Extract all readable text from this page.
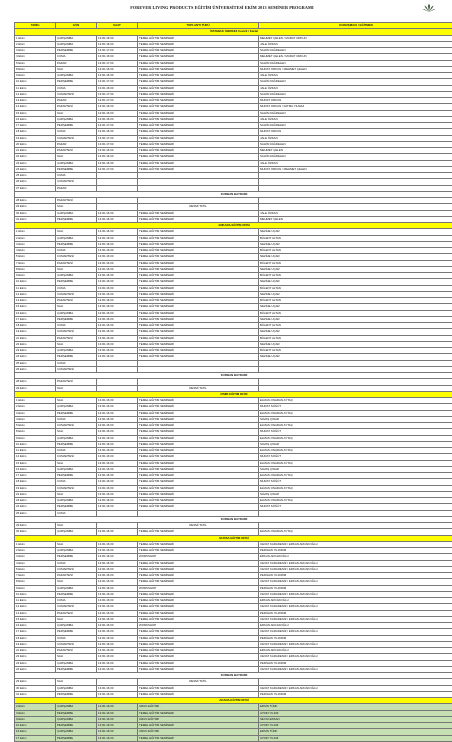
FOREVER LIVING PRODUCTS EĞİTİM ÜNİVERSİTESİ EKİM 2013 SEMİNER PROGRAMI
TARİH	GÜN	SAAT	TOPLANTI TÜRÜ	KONUŞMACI / EĞİTMEN
İSTANBUL MERKEZ Cevizli / Kartal				
1 Ekim	ÇARŞAMBA	13:00-16:00	TEMEL EĞİTİM SEMİNERİ	MEHMET ÇELEN / MURAT ORKUN
2 Ekim	ÇARŞAMBA	13:00-16:00	TEMEL EĞİTİM SEMİNERİ	JALE ÖZKAN
3 Ekim	PERŞEMBE	13:00-17:00	TEMEL EĞİTİM SEMİNERİ	SAHİN DAĞDELEN
4 Ekim	CUMA	13:00-16:00	TEMEL EĞİTİM SEMİNERİ	MEHMET ÇELEN / MURAT ORKUN
5 Ekim	PAZAR	13:00-17:00	TEMEL EĞİTİM SEMİNERİ	SAHİN DAĞDELEN
8 Ekim	SALI	13:00-16:00	TEMEL EĞİTİM SEMİNERİ	MURAT ORKUN / MEHMET ÇELEN
9 Ekim	ÇARŞAMBA	13:00-16:00	TEMEL EĞİTİM SEMİNERİ	JALE ÖZKAN
10 Ekim	PERŞEMBE	13:00-17:00	TEMEL EĞİTİM SEMİNERİ	SAHİN DAĞDELEN
11 Ekim	CUMA	13:00-16:00	TEMEL EĞİTİM SEMİNERİ	JALE ÖZKAN
12 Ekim	CUMARTESİ	13:00-17:00	TEMEL EĞİTİM SEMİNERİ	SAHİN DAĞDELEN
13 Ekim	PAZAR	13:00-17:00	TEMEL EĞİTİM SEMİNERİ	MURAT ORKUN
14 Ekim	PAZARTESİ	13:00-16:00	TEMEL EĞİTİM SEMİNERİ	MURAT ORKUN / FATMA YILMAZ
15 Ekim	SALI	13:00-16:00	TEMEL EĞİTİM SEMİNERİ	SAHİN DAĞDELEN
16 Ekim	ÇARŞAMBA	13:00-16:00	TEMEL EĞİTİM SEMİNERİ	JALE ÖZKAN
17 Ekim	PERŞEMBE	13:00-17:00	TEMEL EĞİTİM SEMİNERİ	SAHİN DAĞDELEN
18 Ekim	CUMA	13:00-16:00	TEMEL EĞİTİM SEMİNERİ	MURAT ORKUN
19 Ekim	CUMARTESİ	13:00-17:00	TEMEL EĞİTİM SEMİNERİ	JALE ÖZKAN
20 Ekim	PAZAR	13:00-17:00	TEMEL EĞİTİM SEMİNERİ	SAHİN DAĞDELEN
21 Ekim	PAZARTESİ	13:00-16:00	TEMEL EĞİTİM SEMİNERİ	MEHMET ÇELEN
22 Ekim	SALI	13:00-16:00	TEMEL EĞİTİM SEMİNERİ	SAHİN DAĞDELEN
23 Ekim	ÇARŞAMBA	13:00-16:00	TEMEL EĞİTİM SEMİNERİ	JALE ÖZKAN
24 Ekim	PERŞEMBE	13:00-17:00	TEMEL EĞİTİM SEMİNERİ	MURAT ORKUN / MEHMET ÇELEN
25 Ekim	CUMA			
26 Ekim	CUMARTESİ			
27 Ekim	PAZAR			
KURBAN BAYRAMI				
28 Ekim	PAZARTESİ			
29 Ekim	SALI		RESMİ TATİL	
30 Ekim	ÇARŞAMBA	13:00-16:00	TEMEL EĞİTİM SEMİNERİ	JALE ÖZKAN
31 Ekim	PERŞEMBE	13:00-16:00	TEMEL EĞİTİM SEMİNERİ	MEHMET ÇELEN
ANKARA EĞİTİM OFİSİ				
1 Ekim	SALI	13:00-16:00	TEMEL EĞİTİM SEMİNERİ	NEZİHE UÇAR
2 Ekim	ÇARŞAMBA	13:00-16:00	TEMEL EĞİTİM SEMİNERİ	BÜLENT ALTAN
3 Ekim	PERŞEMBE	13:00-16:00	TEMEL EĞİTİM SEMİNERİ	NEZİHE UÇAR
4 Ekim	CUMA	13:00-16:00	TEMEL EĞİTİM SEMİNERİ	BÜLENT ALTAN
5 Ekim	CUMARTESİ	13:00-16:00	TEMEL EĞİTİM SEMİNERİ	NEZİHE UÇAR
7 Ekim	PAZARTESİ	13:00-16:00	TEMEL EĞİTİM SEMİNERİ	BÜLENT ALTAN
8 Ekim	SALI	13:00-16:00	TEMEL EĞİTİM SEMİNERİ	NEZİHE UÇAR
9 Ekim	ÇARŞAMBA	13:00-16:00	TEMEL EĞİTİM SEMİNERİ	BÜLENT ALTAN
10 Ekim	PERŞEMBE	13:00-16:00	TEMEL EĞİTİM SEMİNERİ	NEZİHE UÇAR
11 Ekim	CUMA	13:00-16:00	TEMEL EĞİTİM SEMİNERİ	BÜLENT ALTAN
12 Ekim	CUMARTESİ	13:00-16:00	TEMEL EĞİTİM SEMİNERİ	NEZİHE UÇAR
14 Ekim	PAZARTESİ	13:00-16:00	TEMEL EĞİTİM SEMİNERİ	BÜLENT ALTAN
15 Ekim	SALI	13:00-16:00	TEMEL EĞİTİM SEMİNERİ	NEZİHE UÇAR
16 Ekim	ÇARŞAMBA	13:00-16:00	TEMEL EĞİTİM SEMİNERİ	BÜLENT ALTAN
17 Ekim	PERŞEMBE	13:00-16:00	TEMEL EĞİTİM SEMİNERİ	NEZİHE UÇAR
18 Ekim	CUMA	13:00-16:00	TEMEL EĞİTİM SEMİNERİ	BÜLENT ALTAN
19 Ekim	CUMARTESİ	13:00-16:00	TEMEL EĞİTİM SEMİNERİ	NEZİHE UÇAR
21 Ekim	PAZARTESİ	13:00-16:00	TEMEL EĞİTİM SEMİNERİ	BÜLENT ALTAN
22 Ekim	SALI	13:00-16:00	TEMEL EĞİTİM SEMİNERİ	NEZİHE UÇAR
23 Ekim	ÇARŞAMBA	13:00-16:00	TEMEL EĞİTİM SEMİNERİ	BÜLENT ALTAN
24 Ekim	PERŞEMBE	13:00-16:00	TEMEL EĞİTİM SEMİNERİ	NEZİHE UÇAR
25 Ekim	CUMA			
26 Ekim	CUMARTESİ			
KURBAN BAYRAMI				
28 Ekim	PAZARTESİ			
29 Ekim	SALI		RESMİ TATİL	
İZMİR EĞİTİM OFİSİ				
1 Ekim	SALI	13:00-16:00	TEMEL EĞİTİM SEMİNERİ	ELMAS ONARAN AYTAÇ
2 Ekim	ÇARŞAMBA	13:00-16:00	TEMEL EĞİTİM SEMİNERİ	MURAT SÖĞÜT
3 Ekim	PERŞEMBE	13:00-16:00	TEMEL EĞİTİM SEMİNERİ	ELMAS ONARAN AYTAÇ
4 Ekim	CUMA	13:00-16:00	TEMEL EĞİTİM SEMİNERİ	SAVAŞ ÇINAR
5 Ekim	CUMARTESİ	13:00-16:00	TEMEL EĞİTİM SEMİNERİ	ELMAS ONARAN AYTAÇ
8 Ekim	SALI	13:00-16:00	TEMEL EĞİTİM SEMİNERİ	MURAT SÖĞÜT
9 Ekim	ÇARŞAMBA	13:00-16:00	TEMEL EĞİTİM SEMİNERİ	ELMAS ONARAN AYTAÇ
10 Ekim	PERŞEMBE	13:00-16:00	TEMEL EĞİTİM SEMİNERİ	SAVAŞ ÇINAR
11 Ekim	CUMA	13:00-16:00	TEMEL EĞİTİM SEMİNERİ	ELMAS ONARAN AYTAÇ
12 Ekim	CUMARTESİ	13:00-16:00	TEMEL EĞİTİM SEMİNERİ	MURAT SÖĞÜT
15 Ekim	SALI	13:00-16:00	TEMEL EĞİTİM SEMİNERİ	ELMAS ONARAN AYTAÇ
16 Ekim	ÇARŞAMBA	13:00-16:00	TEMEL EĞİTİM SEMİNERİ	SAVAŞ ÇINAR
17 Ekim	PERŞEMBE	13:00-16:00	TEMEL EĞİTİM SEMİNERİ	ELMAS ONARAN AYTAÇ
18 Ekim	CUMA	13:00-16:00	TEMEL EĞİTİM SEMİNERİ	MURAT SÖĞÜT
19 Ekim	CUMARTESİ	13:00-16:00	TEMEL EĞİTİM SEMİNERİ	ELMAS ONARAN AYTAÇ
22 Ekim	SALI	13:00-16:00	TEMEL EĞİTİM SEMİNERİ	SAVAŞ ÇINAR
23 Ekim	ÇARŞAMBA	13:00-16:00	TEMEL EĞİTİM SEMİNERİ	ELMAS ONARAN AYTAÇ
24 Ekim	PERŞEMBE	13:00-16:00	TEMEL EĞİTİM SEMİNERİ	MURAT SÖĞÜT
25 Ekim	CUMA			
KURBAN BAYRAMI				
29 Ekim	SALI		RESMİ TATİL	
30 Ekim	ÇARŞAMBA	13:00-16:00	TEMEL EĞİTİM SEMİNERİ	ELMAS ONARAN AYTAÇ
BURSA EĞİTİM OFİSİ				
1 Ekim	SALI	13:00-16:00	TEMEL EĞİTİM SEMİNERİ	CEVAT KARADENİZ / ERKAN ARCAKOĞLU
2 Ekim	ÇARŞAMBA	13:00-16:00	TEMEL EĞİTİM SEMİNERİ	PERİHAN YILDIRIM
3 Ekim	PERŞEMBE	13:00-16:00	WORKSHOP	ERKAN ARCAKOĞLU
4 Ekim	CUMA	13:00-16:00	TEMEL EĞİTİM SEMİNERİ	CEVAT KARADENİZ / ERKAN ARCAKOĞLU
5 Ekim	CUMARTESİ	13:00-16:00	TEMEL EĞİTİM SEMİNERİ	CEVAT KARADENİZ / ERKAN ARCAKOĞLU
7 Ekim	PAZARTESİ	13:00-16:00	TEMEL EĞİTİM SEMİNERİ	PERİHAN YILDIRIM
8 Ekim	SALI	13:00-16:00	TEMEL EĞİTİM SEMİNERİ	CEVAT KARADENİZ / ERKAN ARCAKOĞLU
9 Ekim	ÇARŞAMBA	13:00-16:00	WORKSHOP	PERİHAN YILDIRIM
10 Ekim	PERŞEMBE	13:00-16:00	TEMEL EĞİTİM SEMİNERİ	CEVAT KARADENİZ / ERKAN ARCAKOĞLU
11 Ekim	CUMA	13:00-16:00	TEMEL EĞİTİM SEMİNERİ	ERKAN ARCAKOĞLU
12 Ekim	CUMARTESİ	13:00-16:00	TEMEL EĞİTİM SEMİNERİ	CEVAT KARADENİZ / ERKAN ARCAKOĞLU
14 Ekim	PAZARTESİ	13:00-16:00	TEMEL EĞİTİM SEMİNERİ	PERİHAN YILDIRIM
15 Ekim	SALI	13:00-16:00	TEMEL EĞİTİM SEMİNERİ	CEVAT KARADENİZ / ERKAN ARCAKOĞLU
16 Ekim	ÇARŞAMBA	13:00-16:00	WORKSHOP	ERKAN ARCAKOĞLU
17 Ekim	PERŞEMBE	13:00-16:00	TEMEL EĞİTİM SEMİNERİ	CEVAT KARADENİZ / ERKAN ARCAKOĞLU
18 Ekim	CUMA	13:00-16:00	TEMEL EĞİTİM SEMİNERİ	PERİHAN YILDIRIM
19 Ekim	CUMARTESİ	13:00-16:00	TEMEL EĞİTİM SEMİNERİ	CEVAT KARADENİZ / ERKAN ARCAKOĞLU
21 Ekim	PAZARTESİ	13:00-16:00	TEMEL EĞİTİM SEMİNERİ	ERKAN ARCAKOĞLU
22 Ekim	SALI	13:00-16:00	TEMEL EĞİTİM SEMİNERİ	CEVAT KARADENİZ / ERKAN ARCAKOĞLU
23 Ekim	ÇARŞAMBA	13:00-16:00	TEMEL EĞİTİM SEMİNERİ	PERİHAN YILDIRIM
24 Ekim	PERŞEMBE	13:00-16:00	TEMEL EĞİTİM SEMİNERİ	CEVAT KARADENİZ / ERKAN ARCAKOĞLU
KURBAN BAYRAMI				
29 Ekim	SALI		RESMİ TATİL	
30 Ekim	ÇARŞAMBA	13:00-16:00	TEMEL EĞİTİM SEMİNERİ	CEVAT KARADENİZ / ERKAN ARCAKOĞLU
31 Ekim	PERŞEMBE	13:00-16:00	TEMEL EĞİTİM SEMİNERİ	PERİHAN YILDIRIM
ADANA EĞİTİM OFİSİ				
2 Ekim	ÇARŞAMBA	13:00-16:00	URUN EĞİTİMİ	ERSİN TÜRK
3 Ekim	PERŞEMBE	13:00-16:00	TEMEL EĞİTİM SEMİNERİ	AYDIN YILDIZ
9 Ekim	ÇARŞAMBA	13:00-16:00	URUN EĞİTİMİ	SEVGİ ERSAN
10 Ekim	PERŞEMBE	13:00-16:00	TEMEL EĞİTİM SEMİNERİ	AYDIN YILDIZ
16 Ekim	ÇARŞAMBA	13:00-16:00	URUN EĞİTİMİ	ERSİN TÜRK
17 Ekim	PERŞEMBE	13:00-16:00	TEMEL EĞİTİM SEMİNERİ	AYDIN YILDIZ
